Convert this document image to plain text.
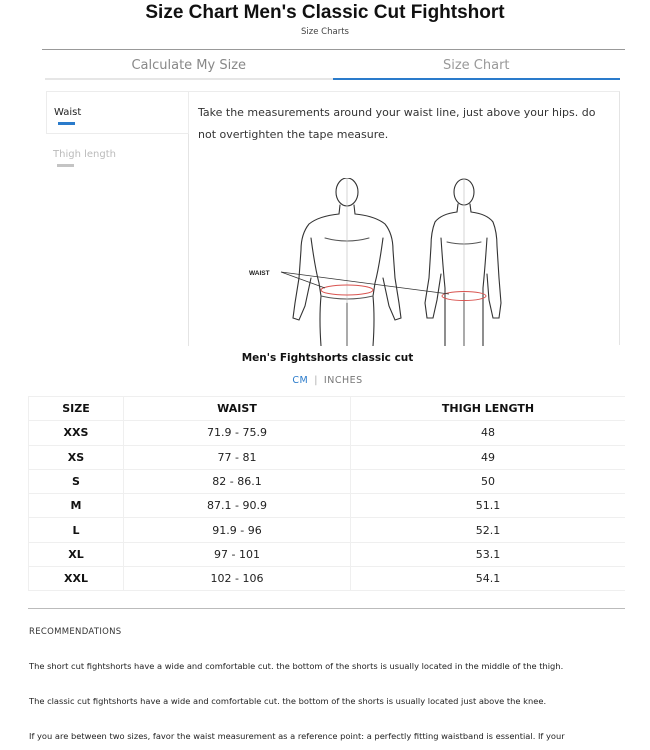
Size Chart Men's Classic Cut Fightshort
Size Charts
Calculate My Size	Size Chart
Waist
Thigh length

Take the measurements around your waist line, just above your hips. do not overtighten the tape measure.

WAIST
Men's Fightshorts classic cut
CM | INCHES
SIZE	WAIST	THIGH LENGTH
XXS	71.9 - 75.9	48
XS	77 - 81	49
S	82 - 86.1	50
M	87.1 - 90.9	51.1
L	91.9 - 96	52.1
XL	97 - 101	53.1
XXL	102 - 106	54.1
RECOMMENDATIONS

The short cut fightshorts have a wide and comfortable cut. the bottom of the shorts is usually located in the middle of the thigh.

The classic cut fightshorts have a wide and comfortable cut. the bottom of the shorts is usually located just above the knee.

If you are between two sizes, favor the waist measurement as a reference point: a perfectly fitting waistband is essential. If your
